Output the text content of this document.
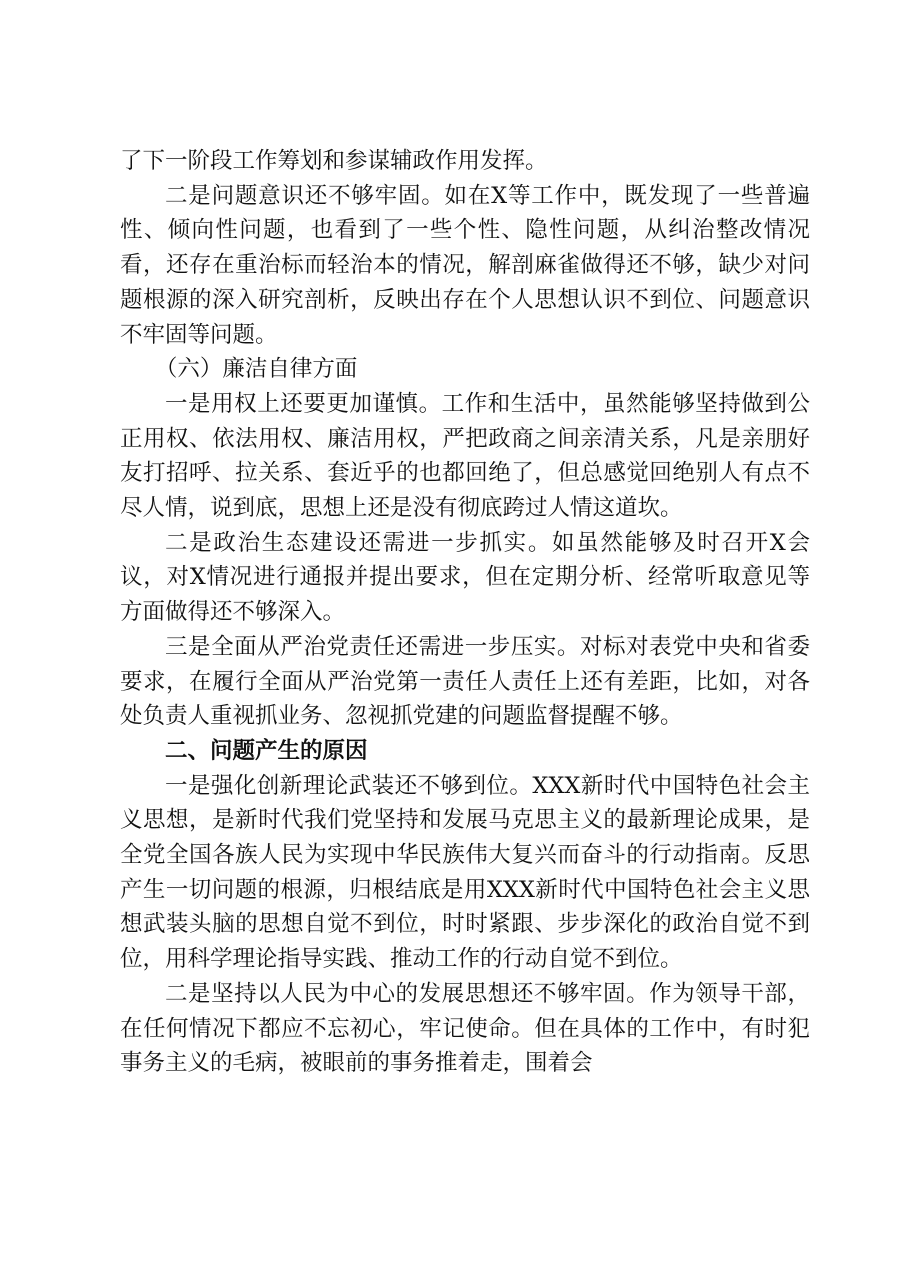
了下一阶段工作筹划和参谋辅政作用发挥。

二是问题意识还不够牢固。如在X等工作中，既发现了一些普遍性、倾向性问题，也看到了一些个性、隐性问题，从纠治整改情况看，还存在重治标而轻治本的情况，解剖麻雀做得还不够，缺少对问题根源的深入研究剖析，反映出存在个人思想认识不到位、问题意识不牢固等问题。

（六）廉洁自律方面

一是用权上还要更加谨慎。工作和生活中，虽然能够坚持做到公正用权、依法用权、廉洁用权，严把政商之间亲清关系，凡是亲朋好友打招呼、拉关系、套近乎的也都回绝了，但总感觉回绝别人有点不尽人情，说到底，思想上还是没有彻底跨过人情这道坎。

二是政治生态建设还需进一步抓实。如虽然能够及时召开X会议，对X情况进行通报并提出要求，但在定期分析、经常听取意见等方面做得还不够深入。

三是全面从严治党责任还需进一步压实。对标对表党中央和省委要求，在履行全面从严治党第一责任人责任上还有差距，比如，对各处负责人重视抓业务、忽视抓党建的问题监督提醒不够。

二、问题产生的原因

一是强化创新理论武装还不够到位。XXX新时代中国特色社会主义思想，是新时代我们党坚持和发展马克思主义的最新理论成果，是全党全国各族人民为实现中华民族伟大复兴而奋斗的行动指南。反思产生一切问题的根源，归根结底是用XXX新时代中国特色社会主义思想武装头脑的思想自觉不到位，时时紧跟、步步深化的政治自觉不到位，用科学理论指导实践、推动工作的行动自觉不到位。

二是坚持以人民为中心的发展思想还不够牢固。作为领导干部，在任何情况下都应不忘初心，牢记使命。但在具体的工作中，有时犯事务主义的毛病，被眼前的事务推着走，围着会
